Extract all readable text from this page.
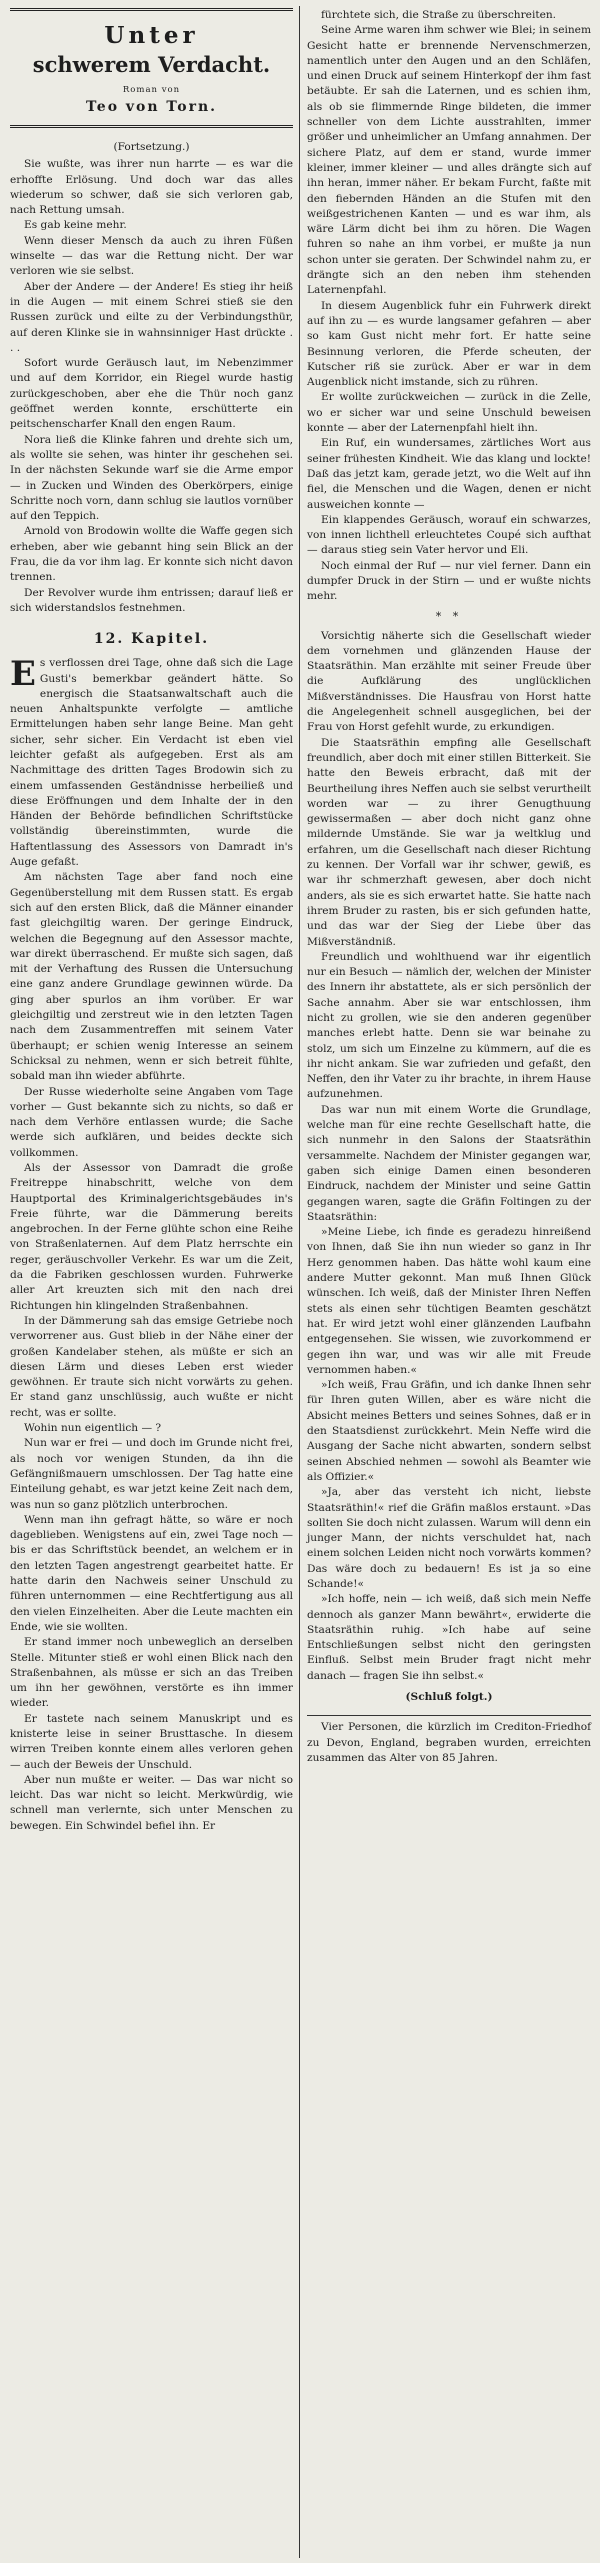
Unter
schwerem Verdacht.
Roman von
Teo von Torn.

(Fortsetzung.)

Sie wußte, was ihrer nun harrte — es war die erhoffte Erlösung. Und doch war das alles wiederum so schwer, daß sie sich verloren gab, nach Rettung umsah.

Es gab keine mehr.

Wenn dieser Mensch da auch zu ihren Füßen winselte — das war die Rettung nicht. Der war verloren wie sie selbst.

Aber der Andere — der Andere! Es stieg ihr heiß in die Augen — mit einem Schrei stieß sie den Russen zurück und eilte zu der Verbindungsthür, auf deren Klinke sie in wahnsinniger Hast drückte . . .

Sofort wurde Geräusch laut, im Nebenzimmer und auf dem Korridor, ein Riegel wurde hastig zurückgeschoben, aber ehe die Thür noch ganz geöffnet werden konnte, erschütterte ein peitschenscharfer Knall den engen Raum.

Nora ließ die Klinke fahren und drehte sich um, als wollte sie sehen, was hinter ihr geschehen sei. In der nächsten Sekunde warf sie die Arme empor — in Zucken und Winden des Oberkörpers, einige Schritte noch vorn, dann schlug sie lautlos vornüber auf den Teppich.

Arnold von Brodowin wollte die Waffe gegen sich erheben, aber wie gebannt hing sein Blick an der Frau, die da vor ihm lag. Er konnte sich nicht davon trennen.

Der Revolver wurde ihm entrissen; darauf ließ er sich widerstandslos festnehmen.

12. Kapitel.

Es verflossen drei Tage, ohne daß sich die Lage Gusti's bemerkbar geändert hätte. So energisch die Staatsanwaltschaft auch die neuen Anhaltspunkte verfolgte — amtliche Ermittelungen haben sehr lange Beine. Man geht sicher, sehr sicher. Ein Verdacht ist eben viel leichter gefaßt als aufgegeben. Erst als am Nachmittage des dritten Tages Brodowin sich zu einem umfassenden Geständnisse herbeiließ und diese Eröffnungen und dem Inhalte der in den Händen der Behörde befindlichen Schriftstücke vollständig übereinstimmten, wurde die Haftentlassung des Assessors von Damradt in's Auge gefaßt.

Am nächsten Tage aber fand noch eine Gegenüberstellung mit dem Russen statt. Es ergab sich auf den ersten Blick, daß die Männer einander fast gleichgiltig waren. Der geringe Eindruck, welchen die Begegnung auf den Assessor machte, war direkt überraschend. Er mußte sich sagen, daß mit der Verhaftung des Russen die Untersuchung eine ganz andere Grundlage gewinnen würde. Da ging aber spurlos an ihm vorüber. Er war gleichgiltig und zerstreut wie in den letzten Tagen nach dem Zusammentreffen mit seinem Vater überhaupt; er schien wenig Interesse an seinem Schicksal zu nehmen, wenn er sich betreit fühlte, sobald man ihn wieder abführte.

Der Russe wiederholte seine Angaben vom Tage vorher — Gust bekannte sich zu nichts, so daß er nach dem Verhöre entlassen wurde; die Sache werde sich aufklären, und beides deckte sich vollkommen.

Als der Assessor von Damradt die große Freitreppe hinabschritt, welche von dem Hauptportal des Kriminalgerichtsgebäudes in's Freie führte, war die Dämmerung bereits angebrochen. In der Ferne glühte schon eine Reihe von Straßenlaternen. Auf dem Platz herrschte ein reger, geräuschvoller Verkehr. Es war um die Zeit, da die Fabriken geschlossen wurden. Fuhrwerke aller Art kreuzten sich mit den nach drei Richtungen hin klingelnden Straßenbahnen.

In der Dämmerung sah das emsige Getriebe noch verworrener aus. Gust blieb in der Nähe einer der großen Kandelaber stehen, als müßte er sich an diesen Lärm und dieses Leben erst wieder gewöhnen. Er traute sich nicht vorwärts zu gehen. Er stand ganz unschlüssig, auch wußte er nicht recht, was er sollte.

Wohin nun eigentlich — ?

Nun war er frei — und doch im Grunde nicht frei, als noch vor wenigen Stunden, da ihn die Gefängnißmauern umschlossen. Der Tag hatte eine Einteilung gehabt, es war jetzt keine Zeit nach dem, was nun so ganz plötzlich unterbrochen.

Wenn man ihn gefragt hätte, so wäre er noch dageblieben. Wenigstens auf ein, zwei Tage noch — bis er das Schriftstück beendet, an welchem er in den letzten Tagen angestrengt gearbeitet hatte. Er hatte darin den Nachweis seiner Unschuld zu führen unternommen — eine Rechtfertigung aus all den vielen Einzelheiten. Aber die Leute machten ein Ende, wie sie wollten.

Er stand immer noch unbeweglich an derselben Stelle. Mitunter stieß er wohl einen Blick nach den Straßenbahnen, als müsse er sich an das Treiben um ihn her gewöhnen, verstörte es ihn immer wieder.

Er tastete nach seinem Manuskript und es knisterte leise in seiner Brusttasche. In diesem wirren Treiben konnte einem alles verloren gehen — auch der Beweis der Unschuld.

Aber nun mußte er weiter. — Das war nicht so leicht. Das war nicht so leicht. Merkwürdig, wie schnell man verlernte, sich unter Menschen zu bewegen. Ein Schwindel befiel ihn. Er

fürchtete sich, die Straße zu überschreiten.

Seine Arme waren ihm schwer wie Blei; in seinem Gesicht hatte er brennende Nervenschmerzen, namentlich unter den Augen und an den Schläfen, und einen Druck auf seinem Hinterkopf der ihm fast betäubte. Er sah die Laternen, und es schien ihm, als ob sie flimmernde Ringe bildeten, die immer schneller von dem Lichte ausstrahlten, immer größer und unheimlicher an Umfang annahmen. Der sichere Platz, auf dem er stand, wurde immer kleiner, immer kleiner — und alles drängte sich auf ihn heran, immer näher. Er bekam Furcht, faßte mit den fiebernden Händen an die Stufen mit den weißgestrichenen Kanten — und es war ihm, als wäre Lärm dicht bei ihm zu hören. Die Wagen fuhren so nahe an ihm vorbei, er mußte ja nun schon unter sie geraten. Der Schwindel nahm zu, er drängte sich an den neben ihm stehenden Laternenpfahl.

In diesem Augenblick fuhr ein Fuhrwerk direkt auf ihn zu — es wurde langsamer gefahren — aber so kam Gust nicht mehr fort. Er hatte seine Besinnung verloren, die Pferde scheuten, der Kutscher riß sie zurück. Aber er war in dem Augenblick nicht imstande, sich zu rühren.

Er wollte zurückweichen — zurück in die Zelle, wo er sicher war und seine Unschuld beweisen konnte — aber der Laternenpfahl hielt ihn.

Ein Ruf, ein wundersames, zärtliches Wort aus seiner frühesten Kindheit. Wie das klang und lockte! Daß das jetzt kam, gerade jetzt, wo die Welt auf ihn fiel, die Menschen und die Wagen, denen er nicht ausweichen konnte —

Ein klappendes Geräusch, worauf ein schwarzes, von innen lichthell erleuchtetes Coupé sich aufthat — daraus stieg sein Vater hervor und Eli.

Noch einmal der Ruf — nur viel ferner. Dann ein dumpfer Druck in der Stirn — und er wußte nichts mehr.

* *

Vorsichtig näherte sich die Gesellschaft wieder dem vornehmen und glänzenden Hause der Staatsräthin. Man erzählte mit seiner Freude über die Aufklärung des unglücklichen Mißverständnisses. Die Hausfrau von Horst hatte die Angelegenheit schnell ausgeglichen, bei der Frau von Horst gefehlt wurde, zu erkundigen.

Die Staatsräthin empfing alle Gesellschaft freundlich, aber doch mit einer stillen Bitterkeit. Sie hatte den Beweis erbracht, daß mit der Beurtheilung ihres Neffen auch sie selbst verurtheilt worden war — zu ihrer Genugthuung gewissermaßen — aber doch nicht ganz ohne mildernde Umstände. Sie war ja weltklug und erfahren, um die Gesellschaft nach dieser Richtung zu kennen. Der Vorfall war ihr schwer, gewiß, es war ihr schmerzhaft gewesen, aber doch nicht anders, als sie es sich erwartet hatte. Sie hatte nach ihrem Bruder zu rasten, bis er sich gefunden hatte, und das war der Sieg der Liebe über das Mißverständniß.

Freundlich und wohlthuend war ihr eigentlich nur ein Besuch — nämlich der, welchen der Minister des Innern ihr abstattete, als er sich persönlich der Sache annahm. Aber sie war entschlossen, ihm nicht zu grollen, wie sie den anderen gegenüber manches erlebt hatte. Denn sie war beinahe zu stolz, um sich um Einzelne zu kümmern, auf die es ihr nicht ankam. Sie war zufrieden und gefaßt, den Neffen, den ihr Vater zu ihr brachte, in ihrem Hause aufzunehmen.

Das war nun mit einem Worte die Grundlage, welche man für eine rechte Gesellschaft hatte, die sich nunmehr in den Salons der Staatsräthin versammelte. Nachdem der Minister gegangen war, gaben sich einige Damen einen besonderen Eindruck, nachdem der Minister und seine Gattin gegangen waren, sagte die Gräfin Foltingen zu der Staatsräthin:

»Meine Liebe, ich finde es geradezu hinreißend von Ihnen, daß Sie ihn nun wieder so ganz in Ihr Herz genommen haben. Das hätte wohl kaum eine andere Mutter gekonnt. Man muß Ihnen Glück wünschen. Ich weiß, daß der Minister Ihren Neffen stets als einen sehr tüchtigen Beamten geschätzt hat. Er wird jetzt wohl einer glänzenden Laufbahn entgegensehen. Sie wissen, wie zuvorkommend er gegen ihn war, und was wir alle mit Freude vernommen haben.«

»Ich weiß, Frau Gräfin, und ich danke Ihnen sehr für Ihren guten Willen, aber es wäre nicht die Absicht meines Betters und seines Sohnes, daß er in den Staatsdienst zurückkehrt. Mein Neffe wird die Ausgang der Sache nicht abwarten, sondern selbst seinen Abschied nehmen — sowohl als Beamter wie als Offizier.«

»Ja, aber das versteht ich nicht, liebste Staatsräthin!« rief die Gräfin maßlos erstaunt. »Das sollten Sie doch nicht zulassen. Warum will denn ein junger Mann, der nichts verschuldet hat, nach einem solchen Leiden nicht noch vorwärts kommen? Das wäre doch zu bedauern! Es ist ja so eine Schande!«

»Ich hoffe, nein — ich weiß, daß sich mein Neffe dennoch als ganzer Mann bewährt«, erwiderte die Staatsräthin ruhig. »Ich habe auf seine Entschließungen selbst nicht den geringsten Einfluß. Selbst mein Bruder fragt nicht mehr danach — fragen Sie ihn selbst.«

(Schluß folgt.)

Vier Personen, die kürzlich im Crediton-Friedhof zu Devon, England, begraben wurden, erreichten zusammen das Alter von 85 Jahren.
